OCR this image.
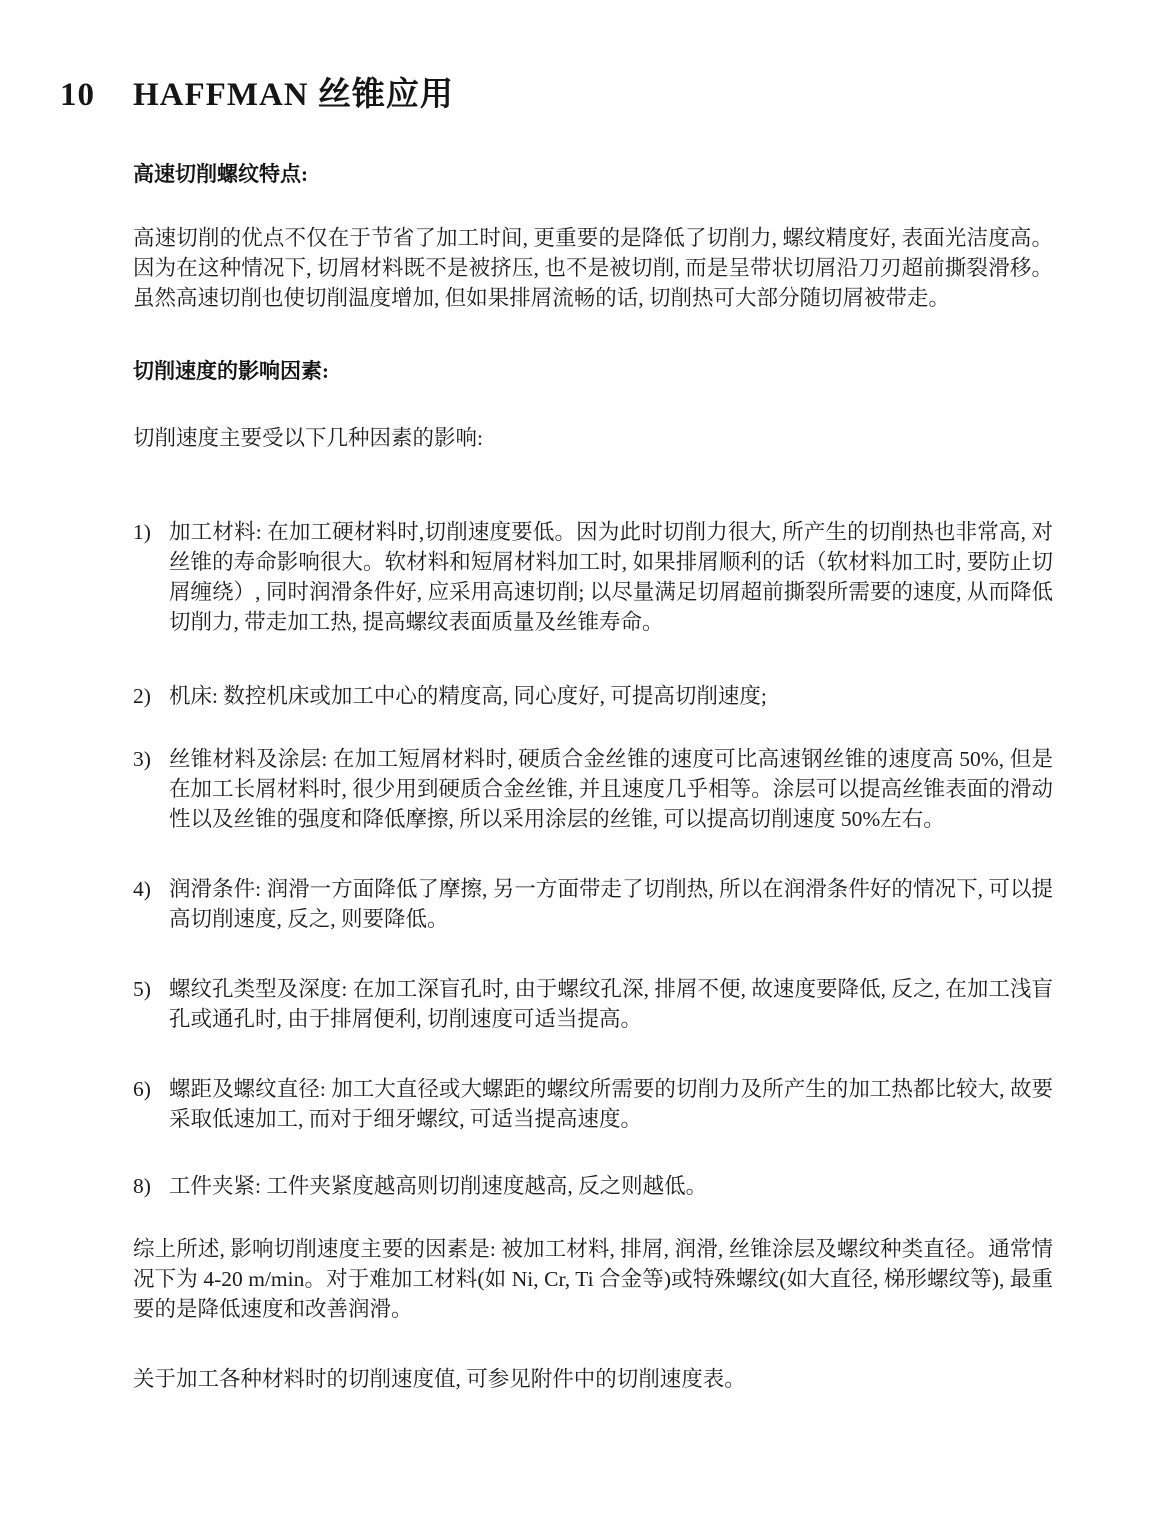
10	HAFFMAN 丝锥应用
高速切削螺纹特点:

高速切削的优点不仅在于节省了加工时间, 更重要的是降低了切削力, 螺纹精度好, 表面光洁度高。 因为在这种情况下, 切屑材料既不是被挤压, 也不是被切削, 而是呈带状切屑沿刀刃超前撕裂滑移。虽然高速切削也使切削温度增加, 但如果排屑流畅的话, 切削热可大部分随切屑被带走。

切削速度的影响因素:

切削速度主要受以下几种因素的影响:

1) 加工材料: 在加工硬材料时,切削速度要低。因为此时切削力很大, 所产生的切削热也非常高, 对丝锥的寿命影响很大。软材料和短屑材料加工时, 如果排屑顺利的话（软材料加工时, 要防止切屑缠绕）, 同时润滑条件好, 应采用高速切削; 以尽量满足切屑超前撕裂所需要的速度, 从而降低切削力, 带走加工热, 提高螺纹表面质量及丝锥寿命。
2) 机床: 数控机床或加工中心的精度高, 同心度好, 可提高切削速度;
3) 丝锥材料及涂层: 在加工短屑材料时, 硬质合金丝锥的速度可比高速钢丝锥的速度高 50%, 但是在加工长屑材料时, 很少用到硬质合金丝锥, 并且速度几乎相等。涂层可以提高丝锥表面的滑动性以及丝锥的强度和降低摩擦, 所以采用涂层的丝锥, 可以提高切削速度 50%左右。
4) 润滑条件: 润滑一方面降低了摩擦, 另一方面带走了切削热, 所以在润滑条件好的情况下, 可以提高切削速度, 反之, 则要降低。
5) 螺纹孔类型及深度: 在加工深盲孔时, 由于螺纹孔深, 排屑不便, 故速度要降低, 反之, 在加工浅盲孔或通孔时, 由于排屑便利, 切削速度可适当提高。
6) 螺距及螺纹直径: 加工大直径或大螺距的螺纹所需要的切削力及所产生的加工热都比较大, 故要采取低速加工, 而对于细牙螺纹, 可适当提高速度。
8) 工件夹紧: 工件夹紧度越高则切削速度越高, 反之则越低。

综上所述, 影响切削速度主要的因素是: 被加工材料, 排屑, 润滑, 丝锥涂层及螺纹种类直径。通常情况下为 4-20 m/min。对于难加工材料(如 Ni, Cr, Ti 合金等)或特殊螺纹(如大直径, 梯形螺纹等), 最重要的是降低速度和改善润滑。

关于加工各种材料时的切削速度值, 可参见附件中的切削速度表。
